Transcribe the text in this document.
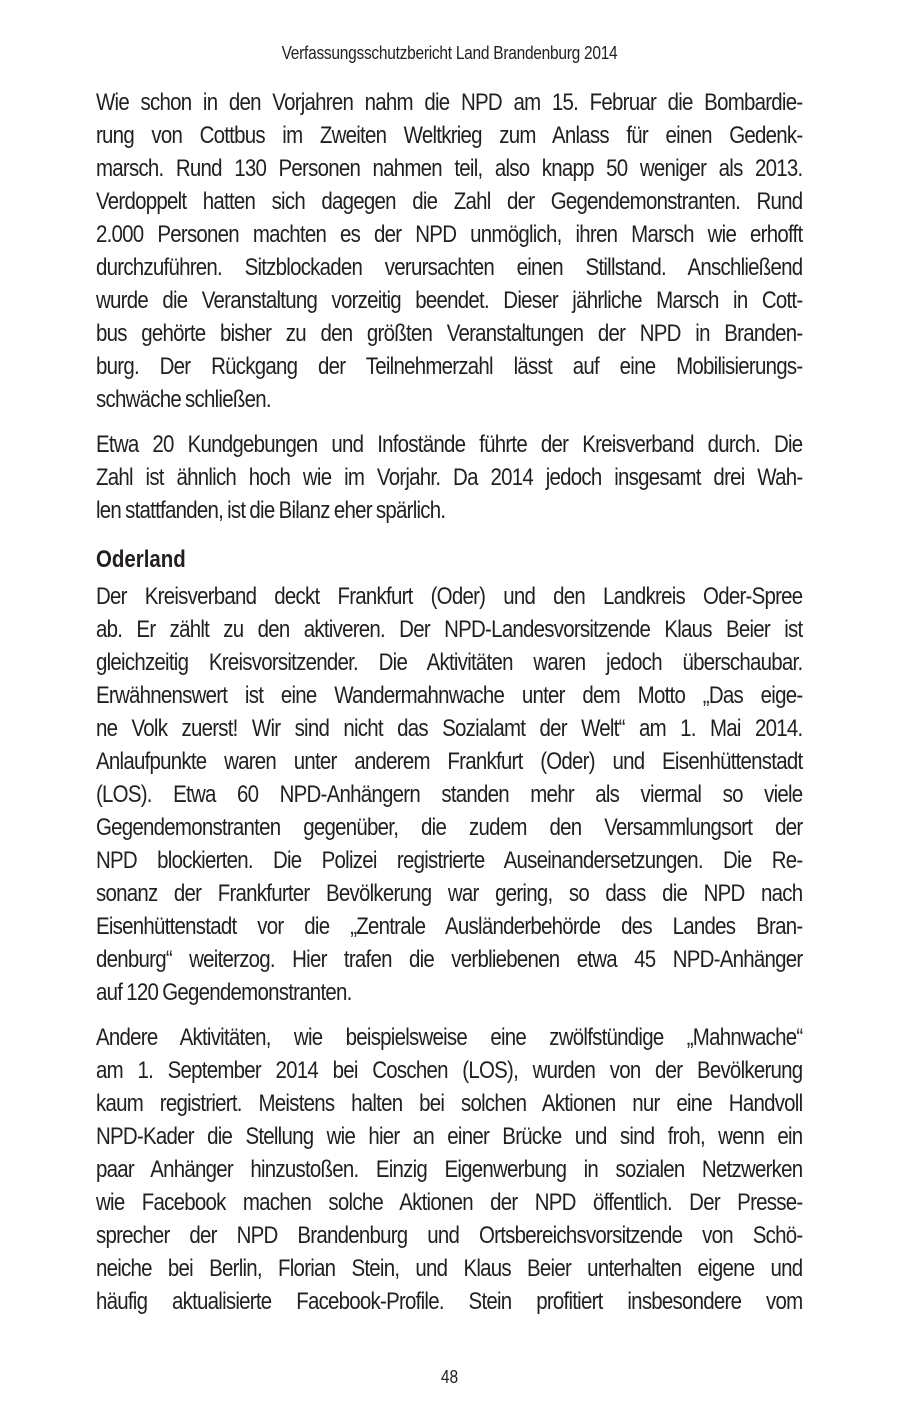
Verfassungsschutzbericht Land Brandenburg 2014
Wie schon in den Vorjahren nahm die NPD am 15. Februar die Bombardie-
rung von Cottbus im Zweiten Weltkrieg zum Anlass für einen Gedenk-
marsch. Rund 130 Personen nahmen teil, also knapp 50 weniger als 2013.
Verdoppelt hatten sich dagegen die Zahl der Gegendemonstranten. Rund
2.000 Personen machten es der NPD unmöglich, ihren Marsch wie erhofft
durchzuführen. Sitzblockaden verursachten einen Stillstand. Anschließend
wurde die Veranstaltung vorzeitig beendet. Dieser jährliche Marsch in Cott-
bus gehörte bisher zu den größten Veranstaltungen der NPD in Branden-
burg. Der Rückgang der Teilnehmerzahl lässt auf eine Mobilisierungs-
schwäche schließen.
Etwa 20 Kundgebungen und Infostände führte der Kreisverband durch. Die
Zahl ist ähnlich hoch wie im Vorjahr. Da 2014 jedoch insgesamt drei Wah-
len stattfanden, ist die Bilanz eher spärlich.
Oderland
Der Kreisverband deckt Frankfurt (Oder) und den Landkreis Oder-Spree
ab. Er zählt zu den aktiveren. Der NPD-Landesvorsitzende Klaus Beier ist
gleichzeitig Kreisvorsitzender. Die Aktivitäten waren jedoch überschaubar.
Erwähnenswert ist eine Wandermahnwache unter dem Motto „Das eige-
ne Volk zuerst! Wir sind nicht das Sozialamt der Welt“ am 1. Mai 2014.
Anlaufpunkte waren unter anderem Frankfurt (Oder) und Eisenhüttenstadt
(LOS). Etwa 60 NPD-Anhängern standen mehr als viermal so viele
Gegendemonstranten gegenüber, die zudem den Versammlungsort der
NPD blockierten. Die Polizei registrierte Auseinandersetzungen. Die Re-
sonanz der Frankfurter Bevölkerung war gering, so dass die NPD nach
Eisenhüttenstadt vor die „Zentrale Ausländerbehörde des Landes Bran-
denburg“ weiterzog. Hier trafen die verbliebenen etwa 45 NPD-Anhänger
auf 120 Gegendemonstranten.
Andere Aktivitäten, wie beispielsweise eine zwölfstündige „Mahnwache“
am 1. September 2014 bei Coschen (LOS), wurden von der Bevölkerung
kaum registriert. Meistens halten bei solchen Aktionen nur eine Handvoll
NPD-Kader die Stellung wie hier an einer Brücke und sind froh, wenn ein
paar Anhänger hinzustoßen. Einzig Eigenwerbung in sozialen Netzwerken
wie Facebook machen solche Aktionen der NPD öffentlich. Der Presse-
sprecher der NPD Brandenburg und Ortsbereichsvorsitzende von Schö-
neiche bei Berlin, Florian Stein, und Klaus Beier unterhalten eigene und
häufig aktualisierte Facebook-Profile. Stein profitiert insbesondere vom
48
